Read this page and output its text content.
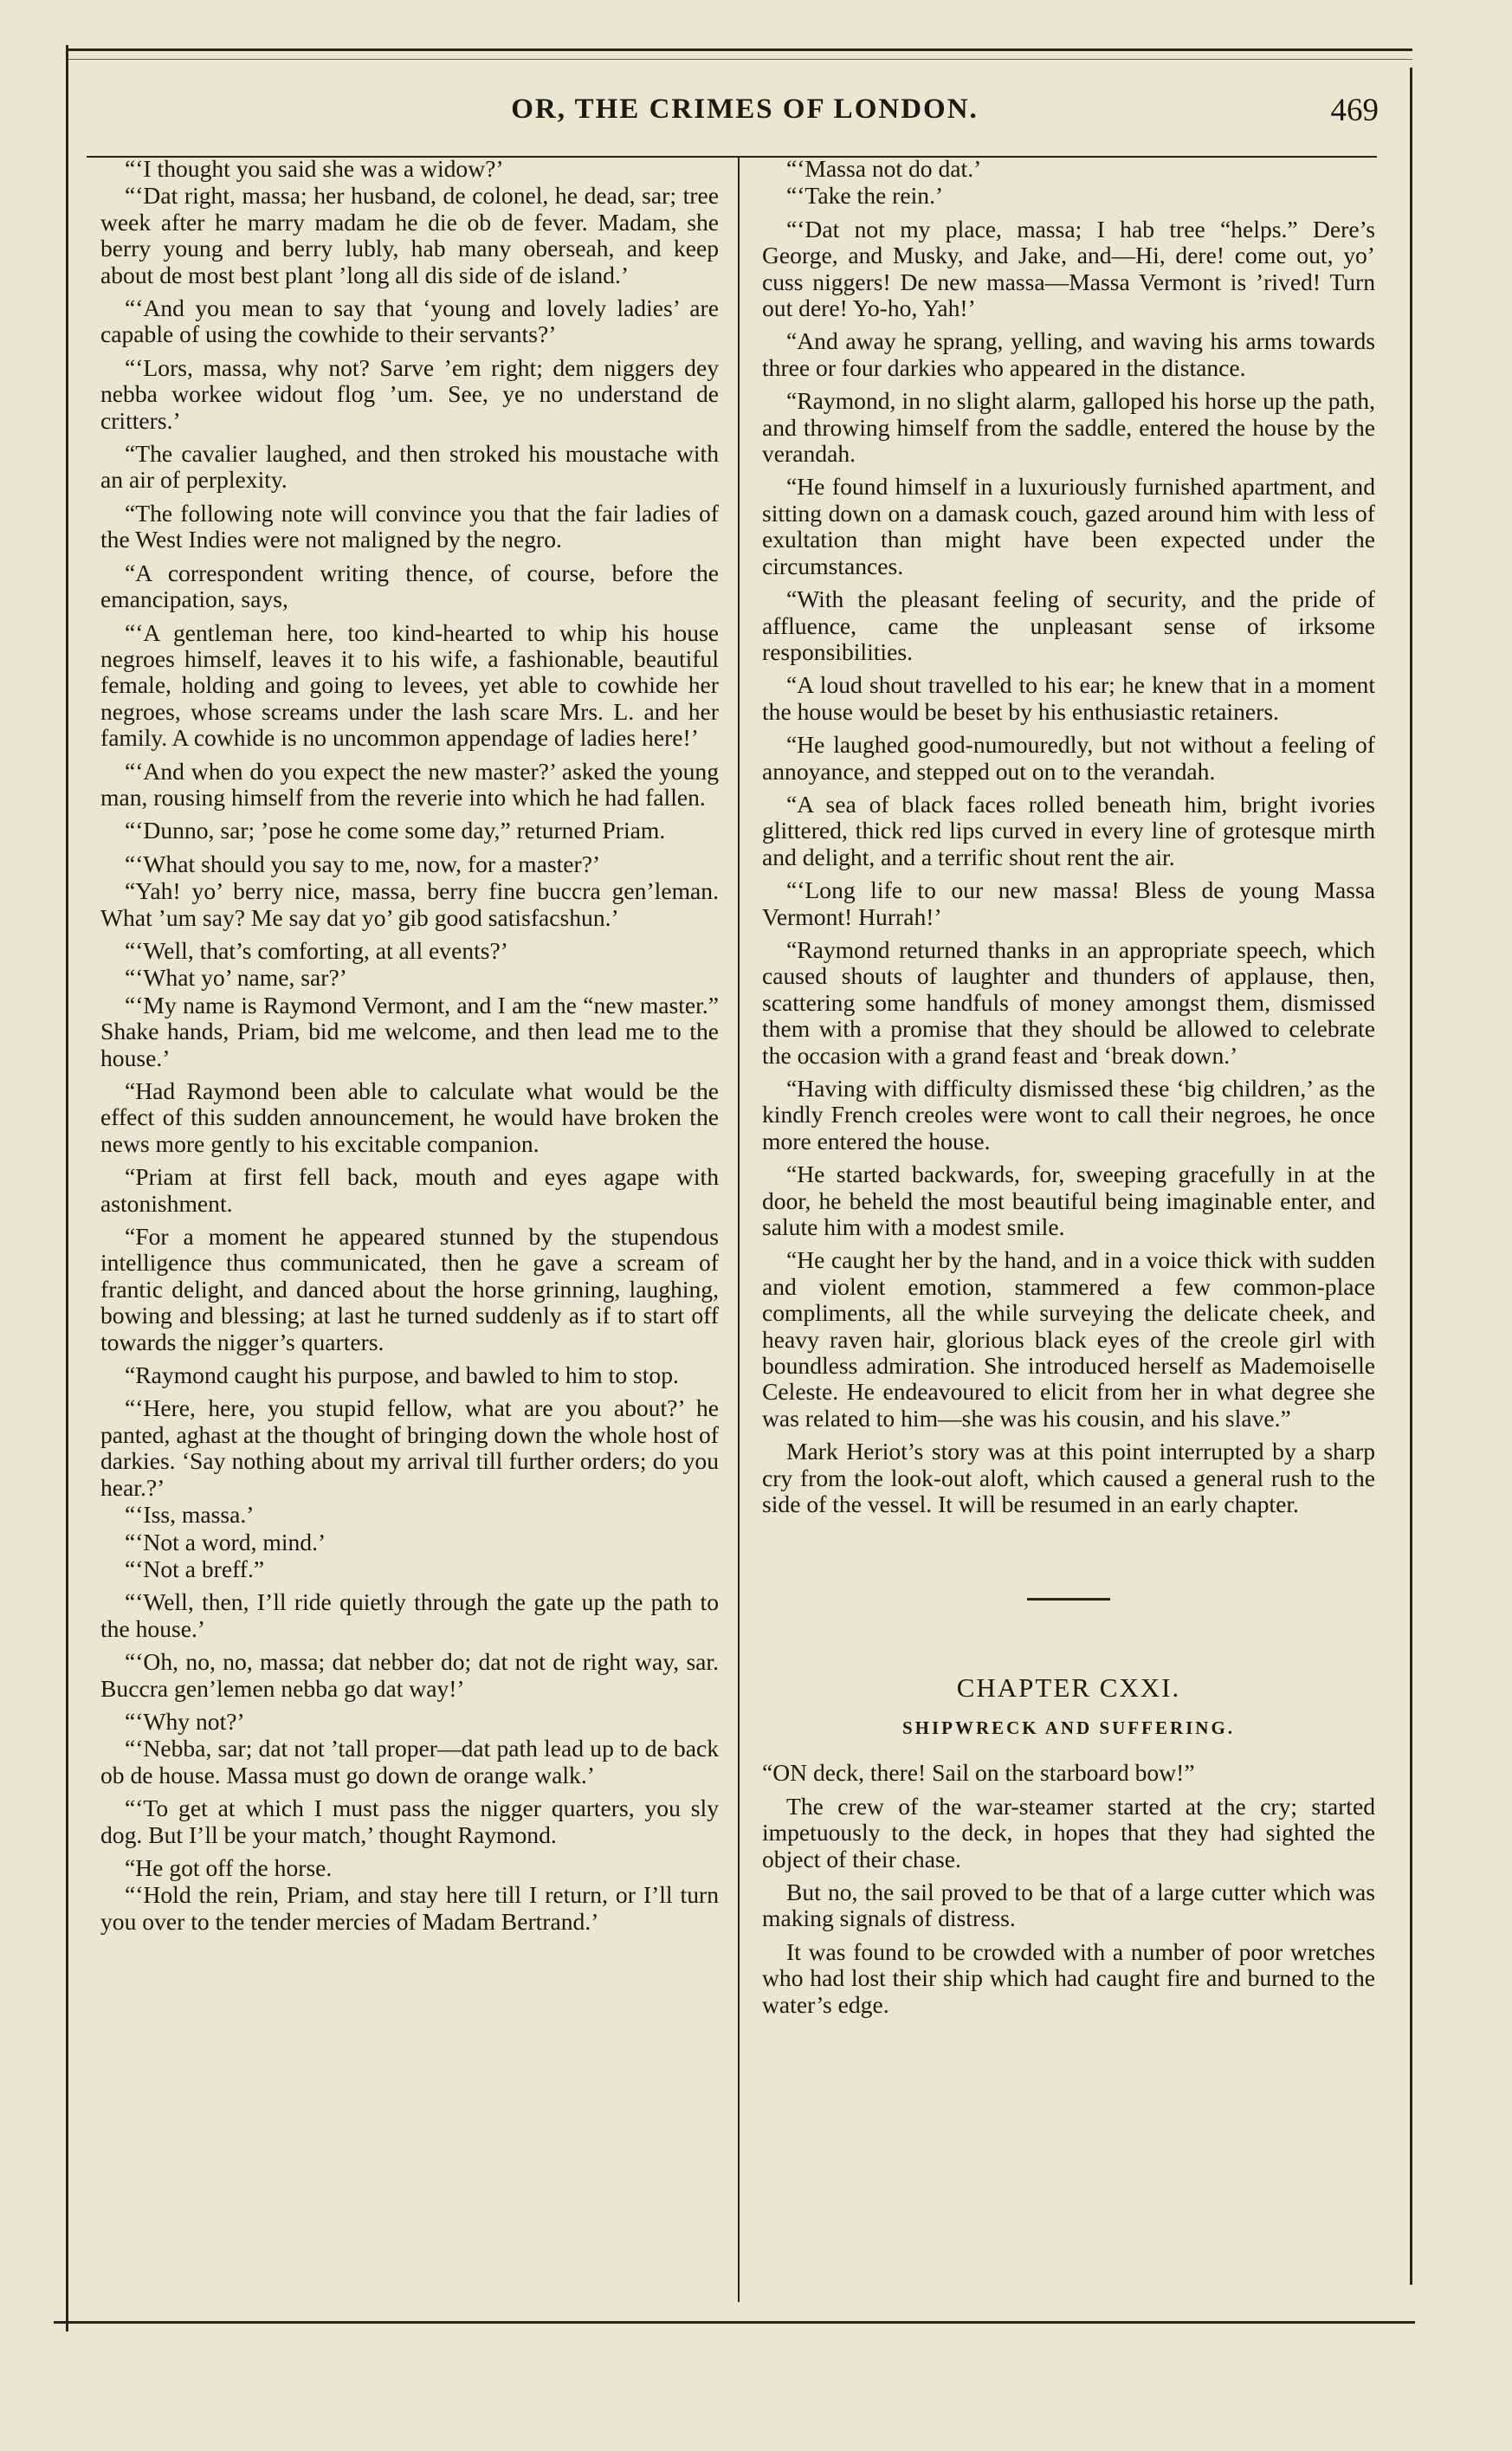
OR, THE CRIMES OF LONDON.	469

“‘I thought you said she was a widow?’

“‘Dat right, massa; her husband, de colonel, he dead, sar; tree week after he marry madam he die ob de fever. Madam, she berry young and berry lubly, hab many oberseah, and keep about de most best plant ’long all dis side of de island.’

“‘And you mean to say that ‘young and lovely ladies’ are capable of using the cowhide to their servants?’

“‘Lors, massa, why not? Sarve ’em right; dem niggers dey nebba workee widout flog ’um. See, ye no understand de critters.’

“The cavalier laughed, and then stroked his moustache with an air of perplexity.

“The following note will convince you that the fair ladies of the West Indies were not maligned by the negro.

“A correspondent writing thence, of course, before the emancipation, says,

“‘A gentleman here, too kind-hearted to whip his house negroes himself, leaves it to his wife, a fashionable, beautiful female, holding and going to levees, yet able to cowhide her negroes, whose screams under the lash scare Mrs. L. and her family. A cowhide is no uncommon appendage of ladies here!’

“‘And when do you expect the new master?’ asked the young man, rousing himself from the reverie into which he had fallen.

“‘Dunno, sar; ’pose he come some day,” returned Priam.

“‘What should you say to me, now, for a master?’

“Yah! yo’ berry nice, massa, berry fine buccra gen’leman. What ’um say? Me say dat yo’ gib good satisfacshun.’

“‘Well, that’s comforting, at all events?’

“‘What yo’ name, sar?’

“‘My name is Raymond Vermont, and I am the “new master.” Shake hands, Priam, bid me welcome, and then lead me to the house.’

“Had Raymond been able to calculate what would be the effect of this sudden announcement, he would have broken the news more gently to his excitable companion.

“Priam at first fell back, mouth and eyes agape with astonishment.

“For a moment he appeared stunned by the stupendous intelligence thus communicated, then he gave a scream of frantic delight, and danced about the horse grinning, laughing, bowing and blessing; at last he turned suddenly as if to start off towards the nigger’s quarters.

“Raymond caught his purpose, and bawled to him to stop.

“‘Here, here, you stupid fellow, what are you about?’ he panted, aghast at the thought of bringing down the whole host of darkies. ‘Say nothing about my arrival till further orders; do you hear.?’

“‘Iss, massa.’

“‘Not a word, mind.’

“‘Not a breff.”

“‘Well, then, I’ll ride quietly through the gate up the path to the house.’

“‘Oh, no, no, massa; dat nebber do; dat not de right way, sar. Buccra gen’lemen nebba go dat way!’

“‘Why not?’

“‘Nebba, sar; dat not ’tall proper—dat path lead up to de back ob de house. Massa must go down de orange walk.’

“‘To get at which I must pass the nigger quarters, you sly dog. But I’ll be your match,’ thought Raymond.

“He got off the horse.

“‘Hold the rein, Priam, and stay here till I return, or I’ll turn you over to the tender mercies of Madam Bertrand.’

“‘Massa not do dat.’

“‘Take the rein.’

“‘Dat not my place, massa; I hab tree “helps.” Dere’s George, and Musky, and Jake, and—Hi, dere! come out, yo’ cuss niggers! De new massa—Massa Vermont is ’rived! Turn out dere! Yo-ho, Yah!’

“And away he sprang, yelling, and waving his arms towards three or four darkies who appeared in the distance.

“Raymond, in no slight alarm, galloped his horse up the path, and throwing himself from the saddle, entered the house by the verandah.

“He found himself in a luxuriously furnished apartment, and sitting down on a damask couch, gazed around him with less of exultation than might have been expected under the circumstances.

“With the pleasant feeling of security, and the pride of affluence, came the unpleasant sense of irksome responsibilities.

“A loud shout travelled to his ear; he knew that in a moment the house would be beset by his enthusiastic retainers.

“He laughed good-numouredly, but not without a feeling of annoyance, and stepped out on to the verandah.

“A sea of black faces rolled beneath him, bright ivories glittered, thick red lips curved in every line of grotesque mirth and delight, and a terrific shout rent the air.

“‘Long life to our new massa! Bless de young Massa Vermont! Hurrah!’

“Raymond returned thanks in an appropriate speech, which caused shouts of laughter and thunders of applause, then, scattering some handfuls of money amongst them, dismissed them with a promise that they should be allowed to celebrate the occasion with a grand feast and ‘break down.’

“Having with difficulty dismissed these ‘big children,’ as the kindly French creoles were wont to call their negroes, he once more entered the house.

“He started backwards, for, sweeping gracefully in at the door, he beheld the most beautiful being imaginable enter, and salute him with a modest smile.

“He caught her by the hand, and in a voice thick with sudden and violent emotion, stammered a few common-place compliments, all the while surveying the delicate cheek, and heavy raven hair, glorious black eyes of the creole girl with boundless admiration. She introduced herself as Mademoiselle Celeste. He endeavoured to elicit from her in what degree she was related to him—she was his cousin, and his slave.”

Mark Heriot’s story was at this point interrupted by a sharp cry from the look-out aloft, which caused a general rush to the side of the vessel. It will be resumed in an early chapter.

CHAPTER CXXI.
SHIPWRECK AND SUFFERING.

“ON deck, there! Sail on the starboard bow!”

The crew of the war-steamer started at the cry; started impetuously to the deck, in hopes that they had sighted the object of their chase.

But no, the sail proved to be that of a large cutter which was making signals of distress.

It was found to be crowded with a number of poor wretches who had lost their ship which had caught fire and burned to the water’s edge.
